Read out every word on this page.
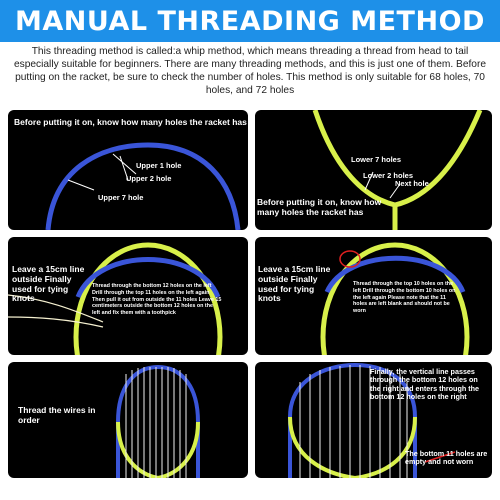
MANUAL THREADING METHOD

This threading method is called:a whip method, which means threading a thread from head to tail especially suitable for beginners. There are many threading methods, and this is just one of them. Before putting on the racket, be sure to check the number of holes. This method is only suitable for 68 holes, 70 holes, and 72 holes

Before putting it on, know how many holes the racket has
Upper 1 hole
Upper 2 hole
Upper 7 hole
Lower 7 holes
Lower 2 holes
Next hole
Before putting it on, know how many holes the racket has
Leave a 15cm line outside Finally used for tying knots
Thread through the bottom 12 holes on the left Drill through the top 11 holes on the left again Then pull it out from outside the 11 holes Leave 15 centimeters outside the bottom 12 holes on the left and fix them with a toothpick
Leave a 15cm line outside Finally used for tying knots
Thread through the top 10 holes on the left Drill through the bottom 10 holes on the left again Please note that the 11 holes are left blank and should not be worn
Thread the wires in order
Finally, the vertical line passes through the bottom 12 holes on the right and enters through the bottom 12 holes on the right
The bottom 11 holes are empty and not worn
